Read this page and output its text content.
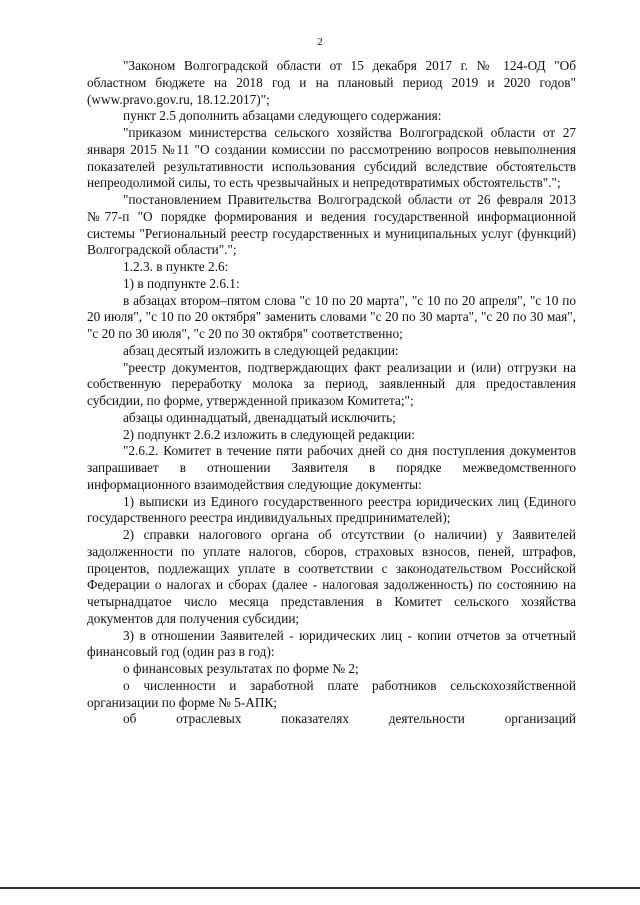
2

"Законом Волгоградской области от 15 декабря 2017 г. № 124-ОД "Об областном бюджете на 2018 год и на плановый период 2019 и 2020 годов" (www.pravo.gov.ru, 18.12.2017)";

пункт 2.5 дополнить абзацами следующего содержания:

"приказом министерства сельского хозяйства Волгоградской области от 27 января 2015 №11 "О создании комиссии по рассмотрению вопросов невыполнения показателей результативности использования субсидий вследствие обстоятельств непреодолимой силы, то есть чрезвычайных и непредотвратимых обстоятельств".";

"постановлением Правительства Волгоградской области от 26 февраля 2013 №77-п "О порядке формирования и ведения государственной информационной системы "Региональный реестр государственных и муниципальных услуг (функций) Волгоградской области".";

1.2.3. в пункте 2.6:

1) в подпункте 2.6.1:

в абзацах втором–пятом слова "с 10 по 20 марта", "с 10 по 20 апреля", "с 10 по 20 июля", "с 10 по 20 октября" заменить словами "с 20 по 30 марта", "с 20 по 30 мая", "с 20 по 30 июля", "с 20 по 30 октября" соответственно;

абзац десятый изложить в следующей редакции:

"реестр документов, подтверждающих факт реализации и (или) отгрузки на собственную переработку молока за период, заявленный для предоставления субсидии, по форме, утвержденной приказом Комитета;";

абзацы одиннадцатый, двенадцатый исключить;

2) подпункт 2.6.2 изложить в следующей редакции:

"2.6.2. Комитет в течение пяти рабочих дней со дня поступления документов запрашивает в отношении Заявителя в порядке межведомственного информационного взаимодействия следующие документы:

1) выписки из Единого государственного реестра юридических лиц (Единого государственного реестра индивидуальных предпринимателей);

2) справки налогового органа об отсутствии (о наличии) у Заявителей задолженности по уплате налогов, сборов, страховых взносов, пеней, штрафов, процентов, подлежащих уплате в соответствии с законодательством Российской Федерации о налогах и сборах (далее - налоговая задолженность) по состоянию на четырнадцатое число месяца представления в Комитет сельского хозяйства документов для получения субсидии;

3) в отношении Заявителей - юридических лиц - копии отчетов за отчетный финансовый год (один раз в год):

о финансовых результатах по форме № 2;

о численности и заработной плате работников сельскохозяйственной организации по форме № 5-АПК;

об отраслевых показателях деятельности организаций
